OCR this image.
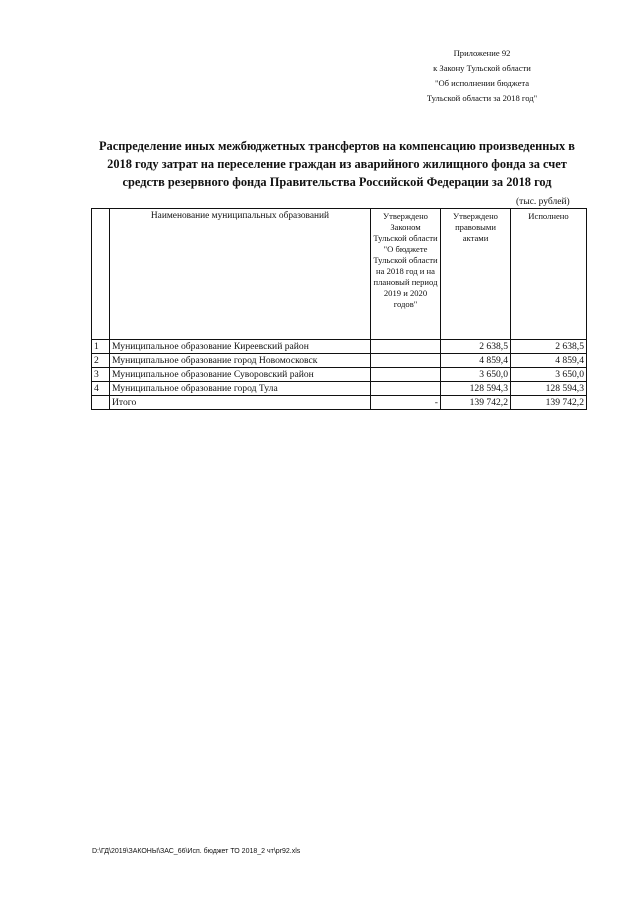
Приложение 92
к Закону Тульской области
"Об исполнении бюджета
Тульской области за 2018 год"
Распределение иных межбюджетных трансфертов на компенсацию произведенных в
2018 году затрат на переселение граждан из аварийного жилищного фонда за счет
средств резервного фонда Правительства Российской Федерации за 2018 год
(тыс. рублей)
	Наименование муниципальных образований	Утверждено Законом Тульской области "О бюджете Тульской области на 2018 год и на плановый период 2019 и 2020 годов"	Утверждено правовыми актами	Исполнено
1	Муниципальное образование Киреевский район		2 638,5	2 638,5
2	Муниципальное образование город Новомосковск		4 859,4	4 859,4
3	Муниципальное образование Суворовский район		3 650,0	3 650,0
4	Муниципальное образование город Тула		128 594,3	128 594,3
	Итого	-	139 742,2	139 742,2
D:\ГД\2019\ЗАКОНЫ\ЗАС_66\Исп. бюджет ТО 2018_2 чт\pr92.xls
